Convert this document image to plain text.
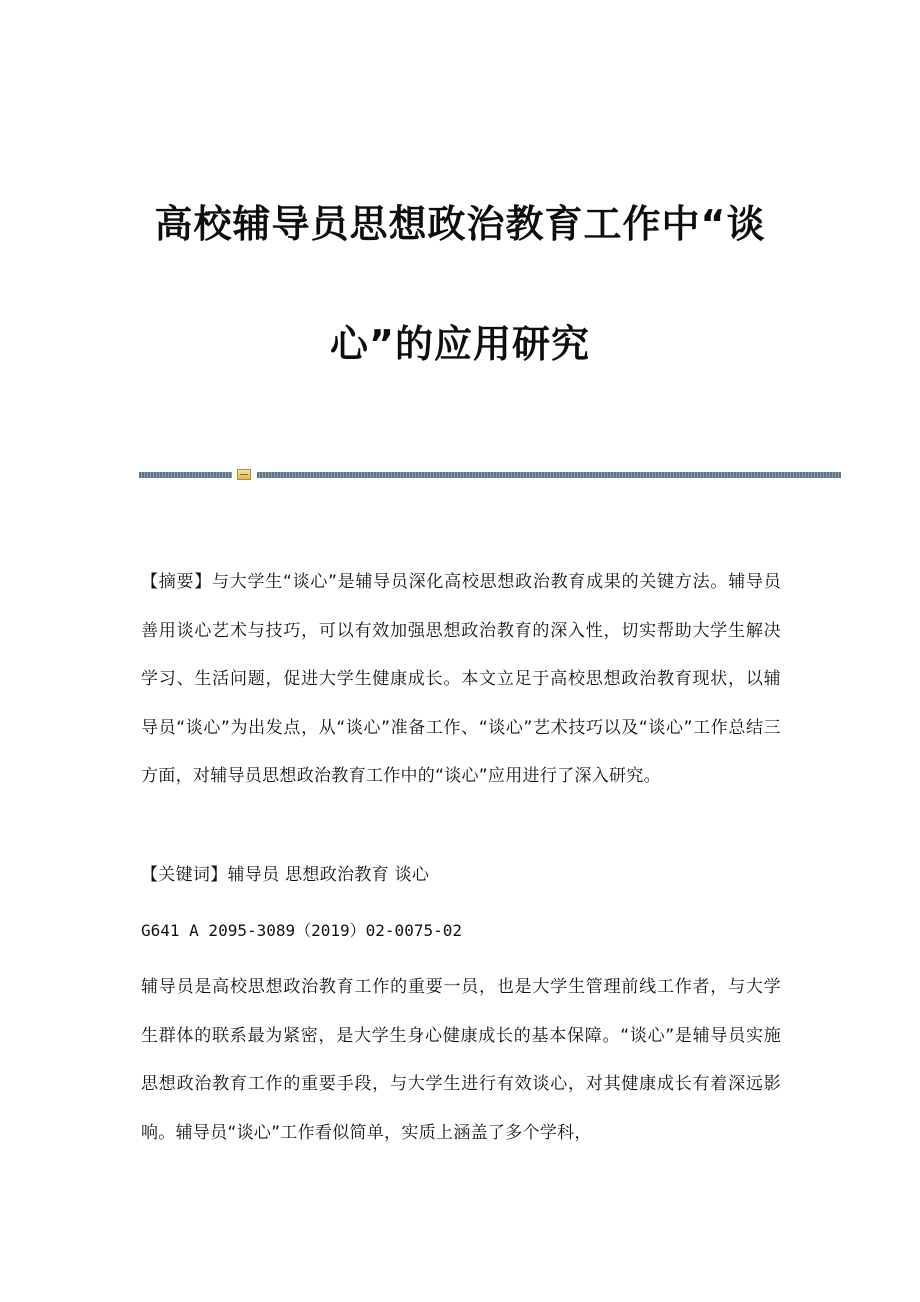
高校辅导员思想政治教育工作中“谈
心”的应用研究

【摘要】与大学生“谈心”是辅导员深化高校思想政治教育成果的关键方法。辅导员善用谈心艺术与技巧，可以有效加强思想政治教育的深入性，切实帮助大学生解决学习、生活问题，促进大学生健康成长。本文立足于高校思想政治教育现状，以辅导员“谈心”为出发点，从“谈心”准备工作、“谈心”艺术技巧以及“谈心”工作总结三方面，对辅导员思想政治教育工作中的“谈心”应用进行了深入研究。

【关键词】辅导员 思想政治教育 谈心

G641 A 2095-3089（2019）02-0075-02

辅导员是高校思想政治教育工作的重要一员，也是大学生管理前线工作者，与大学生群体的联系最为紧密，是大学生身心健康成长的基本保障。“谈心”是辅导员实施思想政治教育工作的重要手段，与大学生进行有效谈心，对其健康成长有着深远影响。辅导员“谈心”工作看似简单，实质上涵盖了多个学科，
